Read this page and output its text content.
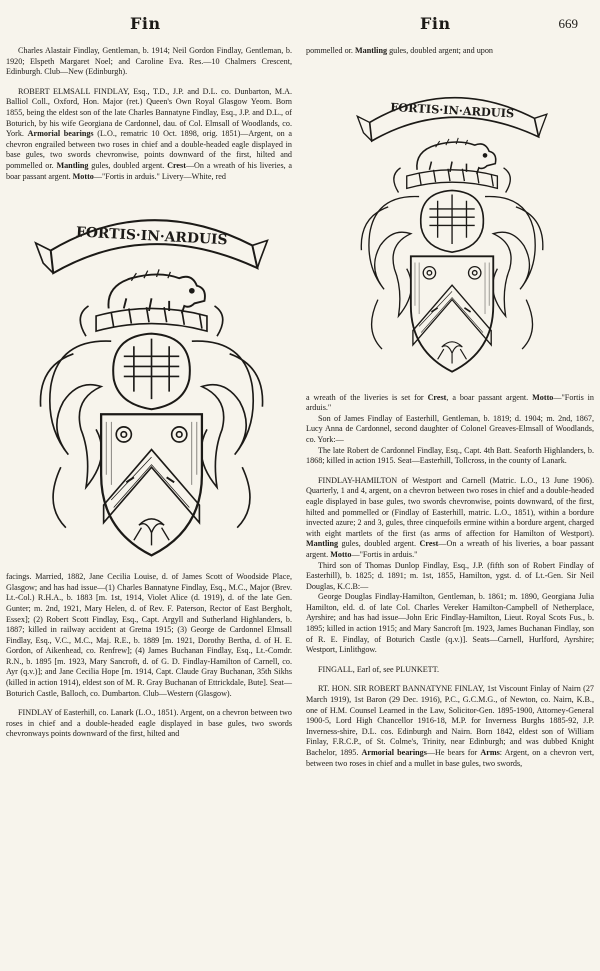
Fin	Fin	669

Charles Alastair Findlay, Gentleman, b. 1914; Neil Gordon Findlay, Gentleman, b. 1920; Elspeth Margaret Noel; and Caroline Eva. Res.—10 Chalmers Crescent, Edinburgh. Club—New (Edinburgh).

ROBERT ELMSALL FINDLAY, Esq., T.D., J.P. and D.L. co. Dunbarton, M.A. Balliol Coll., Oxford, Hon. Major (ret.) Queen's Own Royal Glasgow Yeom. Born 1855, being the eldest son of the late Charles Bannatyne Findlay, Esq., J.P. and D.L., of Boturich, by his wife Georgiana de Cardonnel, dau. of Col. Elmsall of Woodlands, co. York. Armorial bearings (L.O., rematric 10 Oct. 1898, orig. 1851)—Argent, on a chevron engrailed between two roses in chief and a double-headed eagle displayed in base gules, two swords chevronwise, points downward of the first, hilted and pommelled or. Mantling gules, doubled argent. Crest—On a wreath of his liveries, a boar passant argent. Motto—"Fortis in arduis." Livery—White, red

FORTIS·IN·ARDUIS

facings. Married, 1882, Jane Cecilia Louise, d. of James Scott of Woodside Place, Glasgow; and has had issue—(1) Charles Bannatyne Findlay, Esq., M.C., Major (Brev. Lt.-Col.) R.H.A., b. 1883 [m. 1st, 1914, Violet Alice (d. 1919), d. of the late Gen. Gunter; m. 2nd, 1921, Mary Helen, d. of Rev. F. Paterson, Rector of East Bergholt, Essex]; (2) Robert Scott Findlay, Esq., Capt. Argyll and Sutherland Highlanders, b. 1887; killed in railway accident at Gretna 1915; (3) George de Cardonnel Elmsall Findlay, Esq., V.C., M.C., Maj. R.E., b. 1889 [m. 1921, Dorothy Bertha, d. of H. E. Gordon, of Aikenhead, co. Renfrew]; (4) James Buchanan Findlay, Esq., Lt.-Comdr. R.N., b. 1895 [m. 1923, Mary Sancroft, d. of G. D. Findlay-Hamilton of Carnell, co. Ayr (q.v.)]; and Jane Cecilia Hope [m. 1914, Capt. Claude Gray Buchanan, 35th Sikhs (killed in action 1914), eldest son of M. R. Gray Buchanan of Ettrickdale, Bute]. Seat—Boturich Castle, Balloch, co. Dumbarton. Club—Western (Glasgow).

FINDLAY of Easterhill, co. Lanark (L.O., 1851). Argent, on a chevron between two roses in chief and a double-headed eagle displayed in base gules, two swords chevronways points downward of the first, hilted and

pommelled or. Mantling gules, doubled argent; and upon

FORTIS·IN·ARDUIS

a wreath of the liveries is set for Crest, a boar passant argent. Motto—"Fortis in arduis."

Son of James Findlay of Easterhill, Gentleman, b. 1819; d. 1904; m. 2nd, 1867, Lucy Anna de Cardonnel, second daughter of Colonel Greaves-Elmsall of Woodlands, co. York:—

The late Robert de Cardonnel Findlay, Esq., Capt. 4th Batt. Seaforth Highlanders, b. 1868; killed in action 1915. Seat—Easterhill, Tollcross, in the county of Lanark.

FINDLAY-HAMILTON of Westport and Carnell (Matric. L.O., 13 June 1906). Quarterly, 1 and 4, argent, on a chevron between two roses in chief and a double-headed eagle displayed in base gules, two swords chevronwise, points downward, of the first, hilted and pommelled or (Findlay of Easterhill, matric. L.O., 1851), within a bordure invected azure; 2 and 3, gules, three cinquefoils ermine within a bordure argent, charged with eight martlets of the first (as arms of affection for Hamilton of Westport). Mantling gules, doubled argent. Crest—On a wreath of his liveries, a boar passant argent. Motto—"Fortis in arduis."

Third son of Thomas Dunlop Findlay, Esq., J.P. (fifth son of Robert Findlay of Easterhill), b. 1825; d. 1891; m. 1st, 1855, Hamilton, ygst. d. of Lt.-Gen. Sir Neil Douglas, K.C.B:—

George Douglas Findlay-Hamilton, Gentleman, b. 1861; m. 1890, Georgiana Julia Hamilton, eld. d. of late Col. Charles Vereker Hamilton-Campbell of Netherplace, Ayrshire; and has had issue—John Eric Findlay-Hamilton, Lieut. Royal Scots Fus., b. 1895; killed in action 1915; and Mary Sancroft [m. 1923, James Buchanan Findlay, son of R. E. Findlay, of Boturich Castle (q.v.)]. Seats—Carnell, Hurlford, Ayrshire; Westport, Linlithgow.

FINGALL, Earl of, see PLUNKETT.

RT. HON. SIR ROBERT BANNATYNE FINLAY, 1st Viscount Finlay of Nairn (27 March 1919), 1st Baron (29 Dec. 1916), P.C., G.C.M.G., of Newton, co. Nairn, K.B., one of H.M. Counsel Learned in the Law, Solicitor-Gen. 1895-1900, Attorney-General 1900-5, Lord High Chancellor 1916-18, M.P. for Inverness Burghs 1885-92, J.P. Inverness-shire, D.L. cos. Edinburgh and Nairn. Born 1842, eldest son of William Finlay, F.R.C.P., of St. Colme's, Trinity, near Edinburgh; and was dubbed Knight Bachelor, 1895. Armorial bearings—He bears for Arms: Argent, on a chevron vert, between two roses in chief and a mullet in base gules, two swords,
